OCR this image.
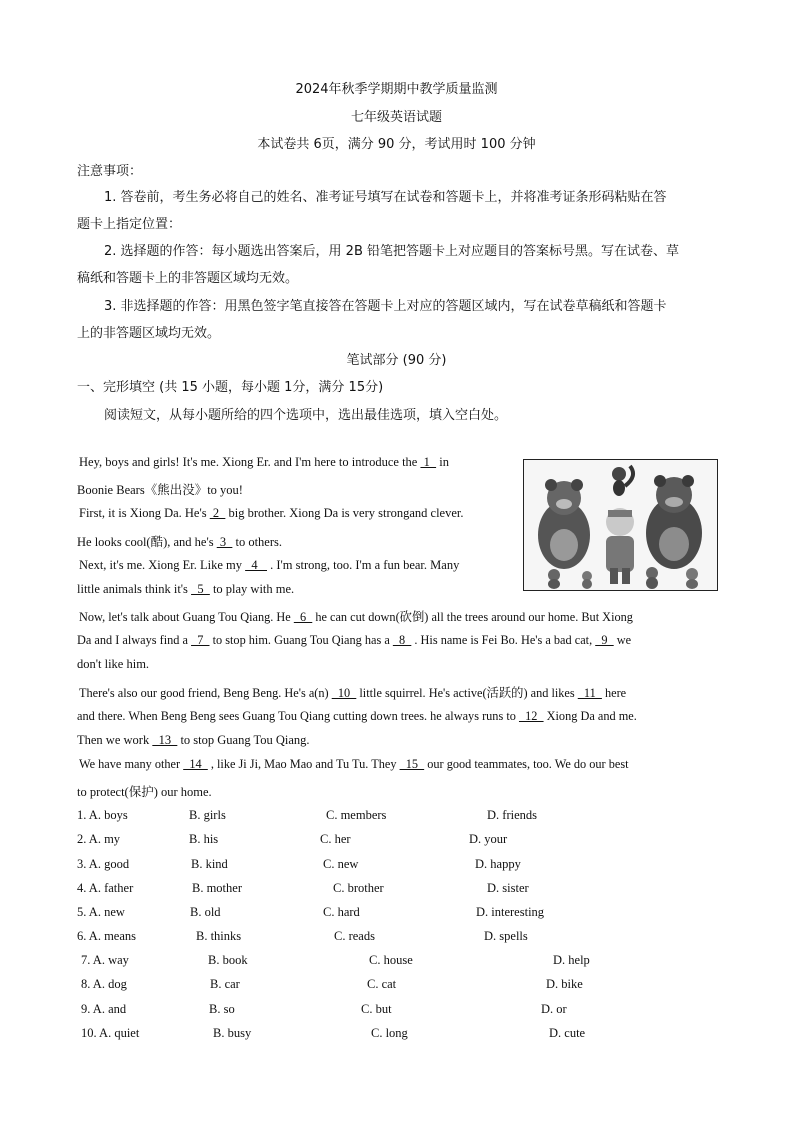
2024年秋季学期期中教学质量监测
七年级英语试题
本试卷共 6页，满分 90 分，考试用时 100 分钟
注意事项：
1. 答卷前，考生务必将自己的姓名、准考证号填写在试卷和答题卡上，并将准考证条形码粘贴在答
题卡上指定位置：
2. 选择题的作答：每小题选出答案后，用 2B 铅笔把答题卡上对应题目的答案标号黑。写在试卷、草
稿纸和答题卡上的非答题区域均无效。
3. 非选择题的作答：用黑色签字笔直接答在答题卡上对应的答题区域内，写在试卷草稿纸和答题卡
上的非答题区域均无效。
笔试部分 (90 分)
一、完形填空 (共 15 小题，每小题 1分，满分 15分)
阅读短文，从每小题所给的四个选项中，选出最佳选项，填入空白处。
Hey, boys and girls! It's me. Xiong Er. and I'm here to introduce the  1   in
Boonie Bears《熊出没》to you!
First, it is Xiong Da. He's  2   big brother. Xiong Da is very strongand clever.
He looks cool(酷), and he's  3   to others.
Next, it's me. Xiong Er. Like my   4    . I'm strong, too. I'm a fun bear. Many
little animals think it's   5   to play with me.
Now, let's talk about Guang Tou Qiang. He   6   he can cut down(砍倒) all the trees around our home. But Xiong
Da and I always find a   7   to stop him. Guang Tou Qiang has a   8   . His name is Fei Bo. He's a bad cat,   9   we
don't like him.
There's also our good friend, Beng Beng. He's a(n)   10   little squirrel. He's active(活跃的) and likes   11   here
and there. When Beng Beng sees Guang Tou Qiang cutting down trees. he always runs to   12   Xiong Da and me.
Then we work   13   to stop Guang Tou Qiang.
We have many other   14   , like Ji Ji, Mao Mao and Tu Tu. They   15   our good teammates, too. We do our best
to protect(保护) our home.
1. A. boys	B. girls	C. members	D. friends
2. A. my	B. his	C. her	D. your
3. A. good	B. kind	C. new	D. happy
4. A. father	B. mother	C. brother	D. sister
5. A. new	B. old	C. hard	D. interesting
6. A. means	B. thinks	C. reads	D. spells
7. A. way	B. book	C. house	D. help
8. A. dog	B. car	C. cat	D. bike
9. A. and	B. so	C. but	D. or
10. A. quiet	B. busy	C. long	D. cute
